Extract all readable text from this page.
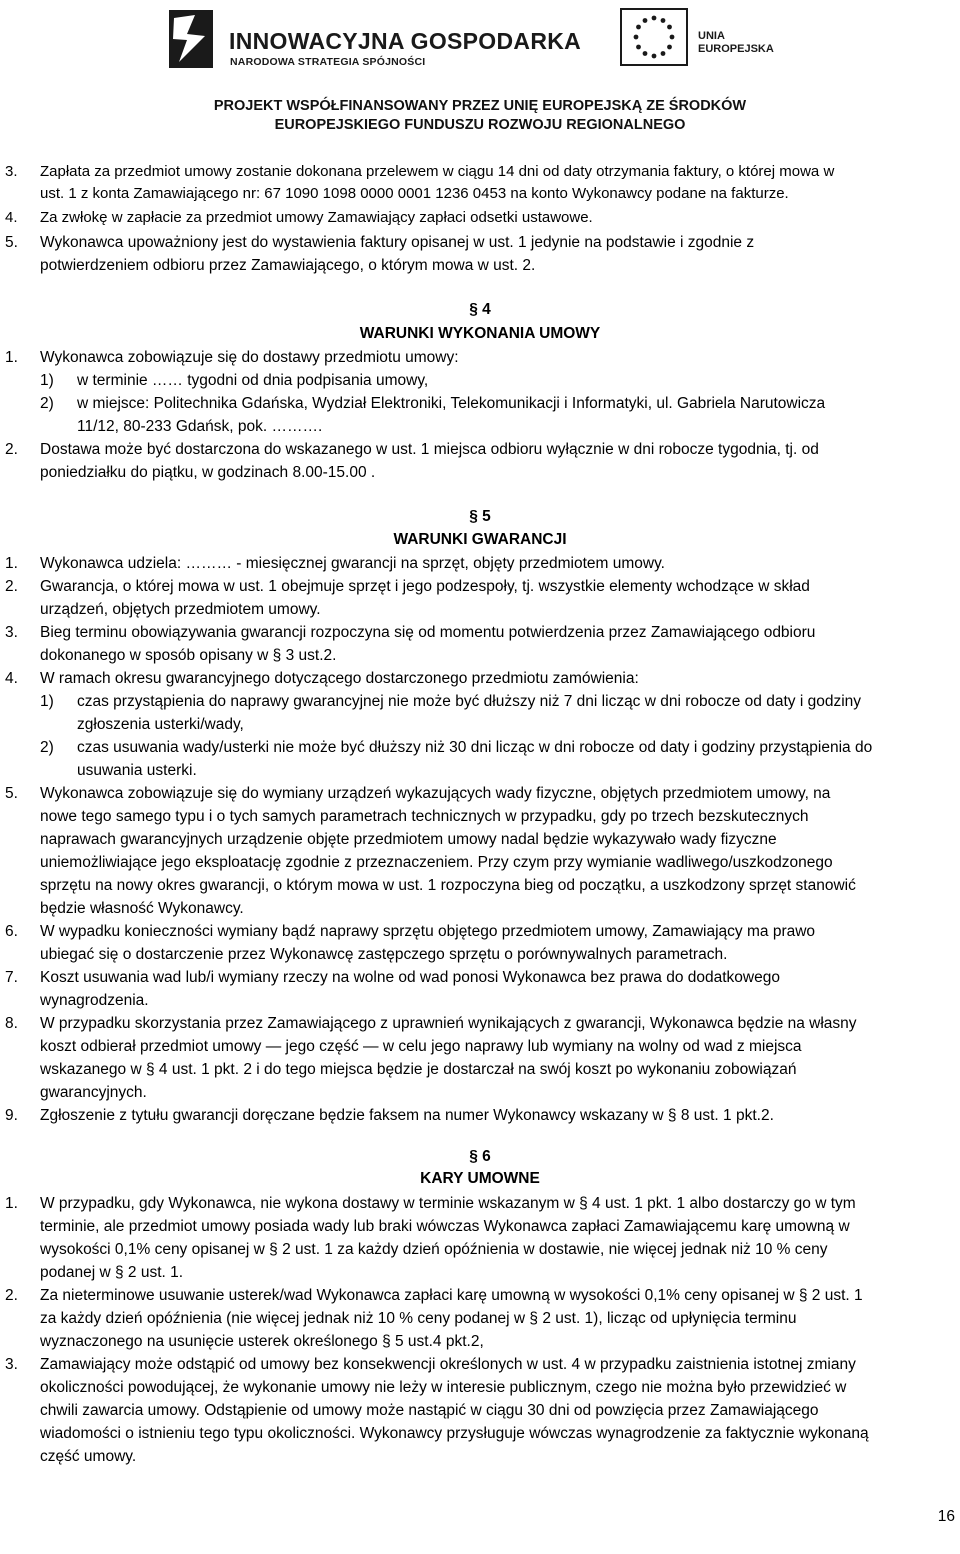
INNOWACYJNA GOSPODARKA
NARODOWA STRATEGIA SPÓJNOŚCI
UNIA
EUROPEJSKA
PROJEKT WSPÓŁFINANSOWANY PRZEZ UNIĘ EUROPEJSKĄ ZE ŚRODKÓW
EUROPEJSKIEGO FUNDUSZU ROZWOJU REGIONALNEGO
3. Zapłata za przedmiot umowy zostanie dokonana przelewem w ciągu 14 dni od daty otrzymania faktury, o której mowa w
ust. 1 z konta Zamawiającego nr: 67 1090 1098 0000 0001 1236 0453 na konto Wykonawcy podane na fakturze.
4. Za zwłokę w zapłacie za przedmiot umowy Zamawiający zapłaci odsetki ustawowe.
5. Wykonawca upoważniony jest do wystawienia faktury opisanej w ust. 1 jedynie na podstawie i zgodnie z
potwierdzeniem odbioru przez Zamawiającego, o którym mowa w ust. 2.
§ 4
WARUNKI WYKONANIA UMOWY
1. Wykonawca zobowiązuje się do dostawy przedmiotu umowy:
1) w terminie …… tygodni od dnia podpisania umowy,
2) w miejsce: Politechnika Gdańska, Wydział Elektroniki, Telekomunikacji i Informatyki, ul. Gabriela Narutowicza
11/12, 80-233 Gdańsk, pok. ……….
2. Dostawa może być dostarczona do wskazanego w ust. 1 miejsca odbioru wyłącznie w dni robocze tygodnia, tj. od
poniedziałku do piątku, w godzinach 8.00-15.00 .
§ 5
WARUNKI GWARANCJI
1. Wykonawca udziela: ……… - miesięcznej gwarancji na sprzęt, objęty przedmiotem umowy.
2. Gwarancja, o której mowa w ust. 1 obejmuje sprzęt i jego podzespoły, tj. wszystkie elementy wchodzące w skład
urządzeń, objętych przedmiotem umowy.
3. Bieg terminu obowiązywania gwarancji rozpoczyna się od momentu potwierdzenia przez Zamawiającego odbioru
dokonanego w sposób opisany w § 3 ust.2.
4. W ramach okresu gwarancyjnego dotyczącego dostarczonego przedmiotu zamówienia:
1) czas przystąpienia do naprawy gwarancyjnej nie może być dłuższy niż 7 dni licząc w dni robocze od daty i godziny
zgłoszenia usterki/wady,
2) czas usuwania wady/usterki nie może być dłuższy niż 30 dni licząc w dni robocze od daty i godziny przystąpienia do
usuwania usterki.
5. Wykonawca zobowiązuje się do wymiany urządzeń wykazujących wady fizyczne, objętych przedmiotem umowy, na
nowe tego samego typu i o tych samych parametrach technicznych w przypadku, gdy po trzech bezskutecznych
naprawach gwarancyjnych urządzenie objęte przedmiotem umowy nadal będzie wykazywało wady fizyczne
uniemożliwiające jego eksploatację zgodnie z przeznaczeniem. Przy czym przy wymianie wadliwego/uszkodzonego
sprzętu na nowy okres gwarancji, o którym mowa w ust. 1 rozpoczyna bieg od początku, a uszkodzony sprzęt stanowić
będzie własność Wykonawcy.
6. W wypadku konieczności wymiany bądź naprawy sprzętu objętego przedmiotem umowy, Zamawiający ma prawo
ubiegać się o dostarczenie przez Wykonawcę zastępczego sprzętu o porównywalnych parametrach.
7. Koszt usuwania wad lub/i wymiany rzeczy na wolne od wad ponosi Wykonawca bez prawa do dodatkowego
wynagrodzenia.
8. W przypadku skorzystania przez Zamawiającego z uprawnień wynikających z gwarancji, Wykonawca będzie na własny
koszt odbierał przedmiot umowy — jego część — w celu jego naprawy lub wymiany na wolny od wad z miejsca
wskazanego w § 4 ust. 1 pkt. 2 i do tego miejsca będzie je dostarczał na swój koszt po wykonaniu zobowiązań
gwarancyjnych.
9. Zgłoszenie z tytułu gwarancji doręczane będzie faksem na numer Wykonawcy wskazany w § 8 ust. 1 pkt.2.
§ 6
KARY UMOWNE
1. W przypadku, gdy Wykonawca, nie wykona dostawy w terminie wskazanym w § 4 ust. 1 pkt. 1 albo dostarczy go w tym
terminie, ale przedmiot umowy posiada wady lub braki wówczas Wykonawca zapłaci Zamawiającemu karę umowną w
wysokości 0,1% ceny opisanej w § 2 ust. 1 za każdy dzień opóźnienia w dostawie, nie więcej jednak niż 10 % ceny
podanej w § 2 ust. 1.
2. Za nieterminowe usuwanie usterek/wad Wykonawca zapłaci karę umowną w wysokości 0,1% ceny opisanej w § 2 ust. 1
za każdy dzień opóźnienia (nie więcej jednak niż 10 % ceny podanej w § 2 ust. 1), licząc od upłynięcia terminu
wyznaczonego na usunięcie usterek określonego § 5 ust.4 pkt.2,
3. Zamawiający może odstąpić od umowy bez konsekwencji określonych w ust. 4 w przypadku zaistnienia istotnej zmiany
okoliczności powodującej, że wykonanie umowy nie leży w interesie publicznym, czego nie można było przewidzieć w
chwili zawarcia umowy. Odstąpienie od umowy może nastąpić w ciągu 30 dni od powzięcia przez Zamawiającego
wiadomości o istnieniu tego typu okoliczności. Wykonawcy przysługuje wówczas wynagrodzenie za faktycznie wykonaną
część umowy.
16
